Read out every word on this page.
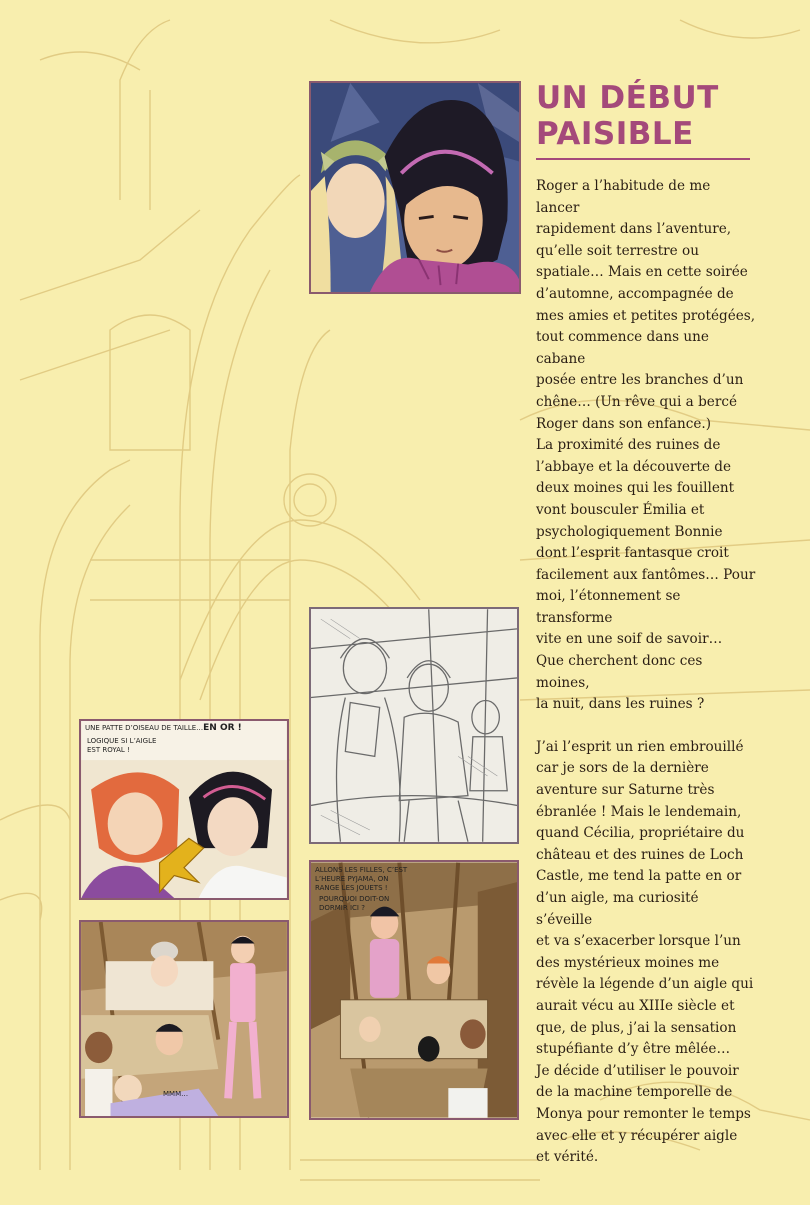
UN DÉBUT
PAISIBLE

Roger a l’habitude de me lancer
rapidement dans l’aventure,
qu’elle soit terrestre ou
spatiale… Mais en cette soirée
d’automne, accompagnée de
mes amies et petites protégées,
tout commence dans une cabane
posée entre les branches d’un
chêne… (Un rêve qui a bercé
Roger dans son enfance.)
La proximité des ruines de
l’abbaye et la découverte de
deux moines qui les fouillent
vont bousculer Émilia et
psychologiquement Bonnie
dont l’esprit fantasque croit
facilement aux fantômes… Pour
moi, l’étonnement se transforme
vite en une soif de savoir…
Que cherchent donc ces moines,
la nuit, dans les ruines ?

J’ai l’esprit un rien embrouillé
car je sors de la dernière
aventure sur Saturne très
ébranlée ! Mais le lendemain,
quand Cécilia, propriétaire du
château et des ruines de Loch
Castle, me tend la patte en or
d’un aigle, ma curiosité s’éveille
et va s’exacerber lorsque l’un
des mystérieux moines me
révèle la légende d’un aigle qui
aurait vécu au XIIIe siècle et
que, de plus, j’ai la sensation
stupéfiante d’y être mêlée…
Je décide d’utiliser le pouvoir
de la machine temporelle de
Monya pour remonter le temps
avec elle et y récupérer aigle
et vérité.

UNE PATTE D’OISEAU DE TAILLE…EN OR !
LOGIQUE SI L’AIGLE
EST ROYAL !
ALLONS LES FILLES, C’EST
L’HEURE PYJAMA, ON
RANGE LES JOUETS !
POURQUOI DOIT-ON
DORMIR ICI ?
MMM…
